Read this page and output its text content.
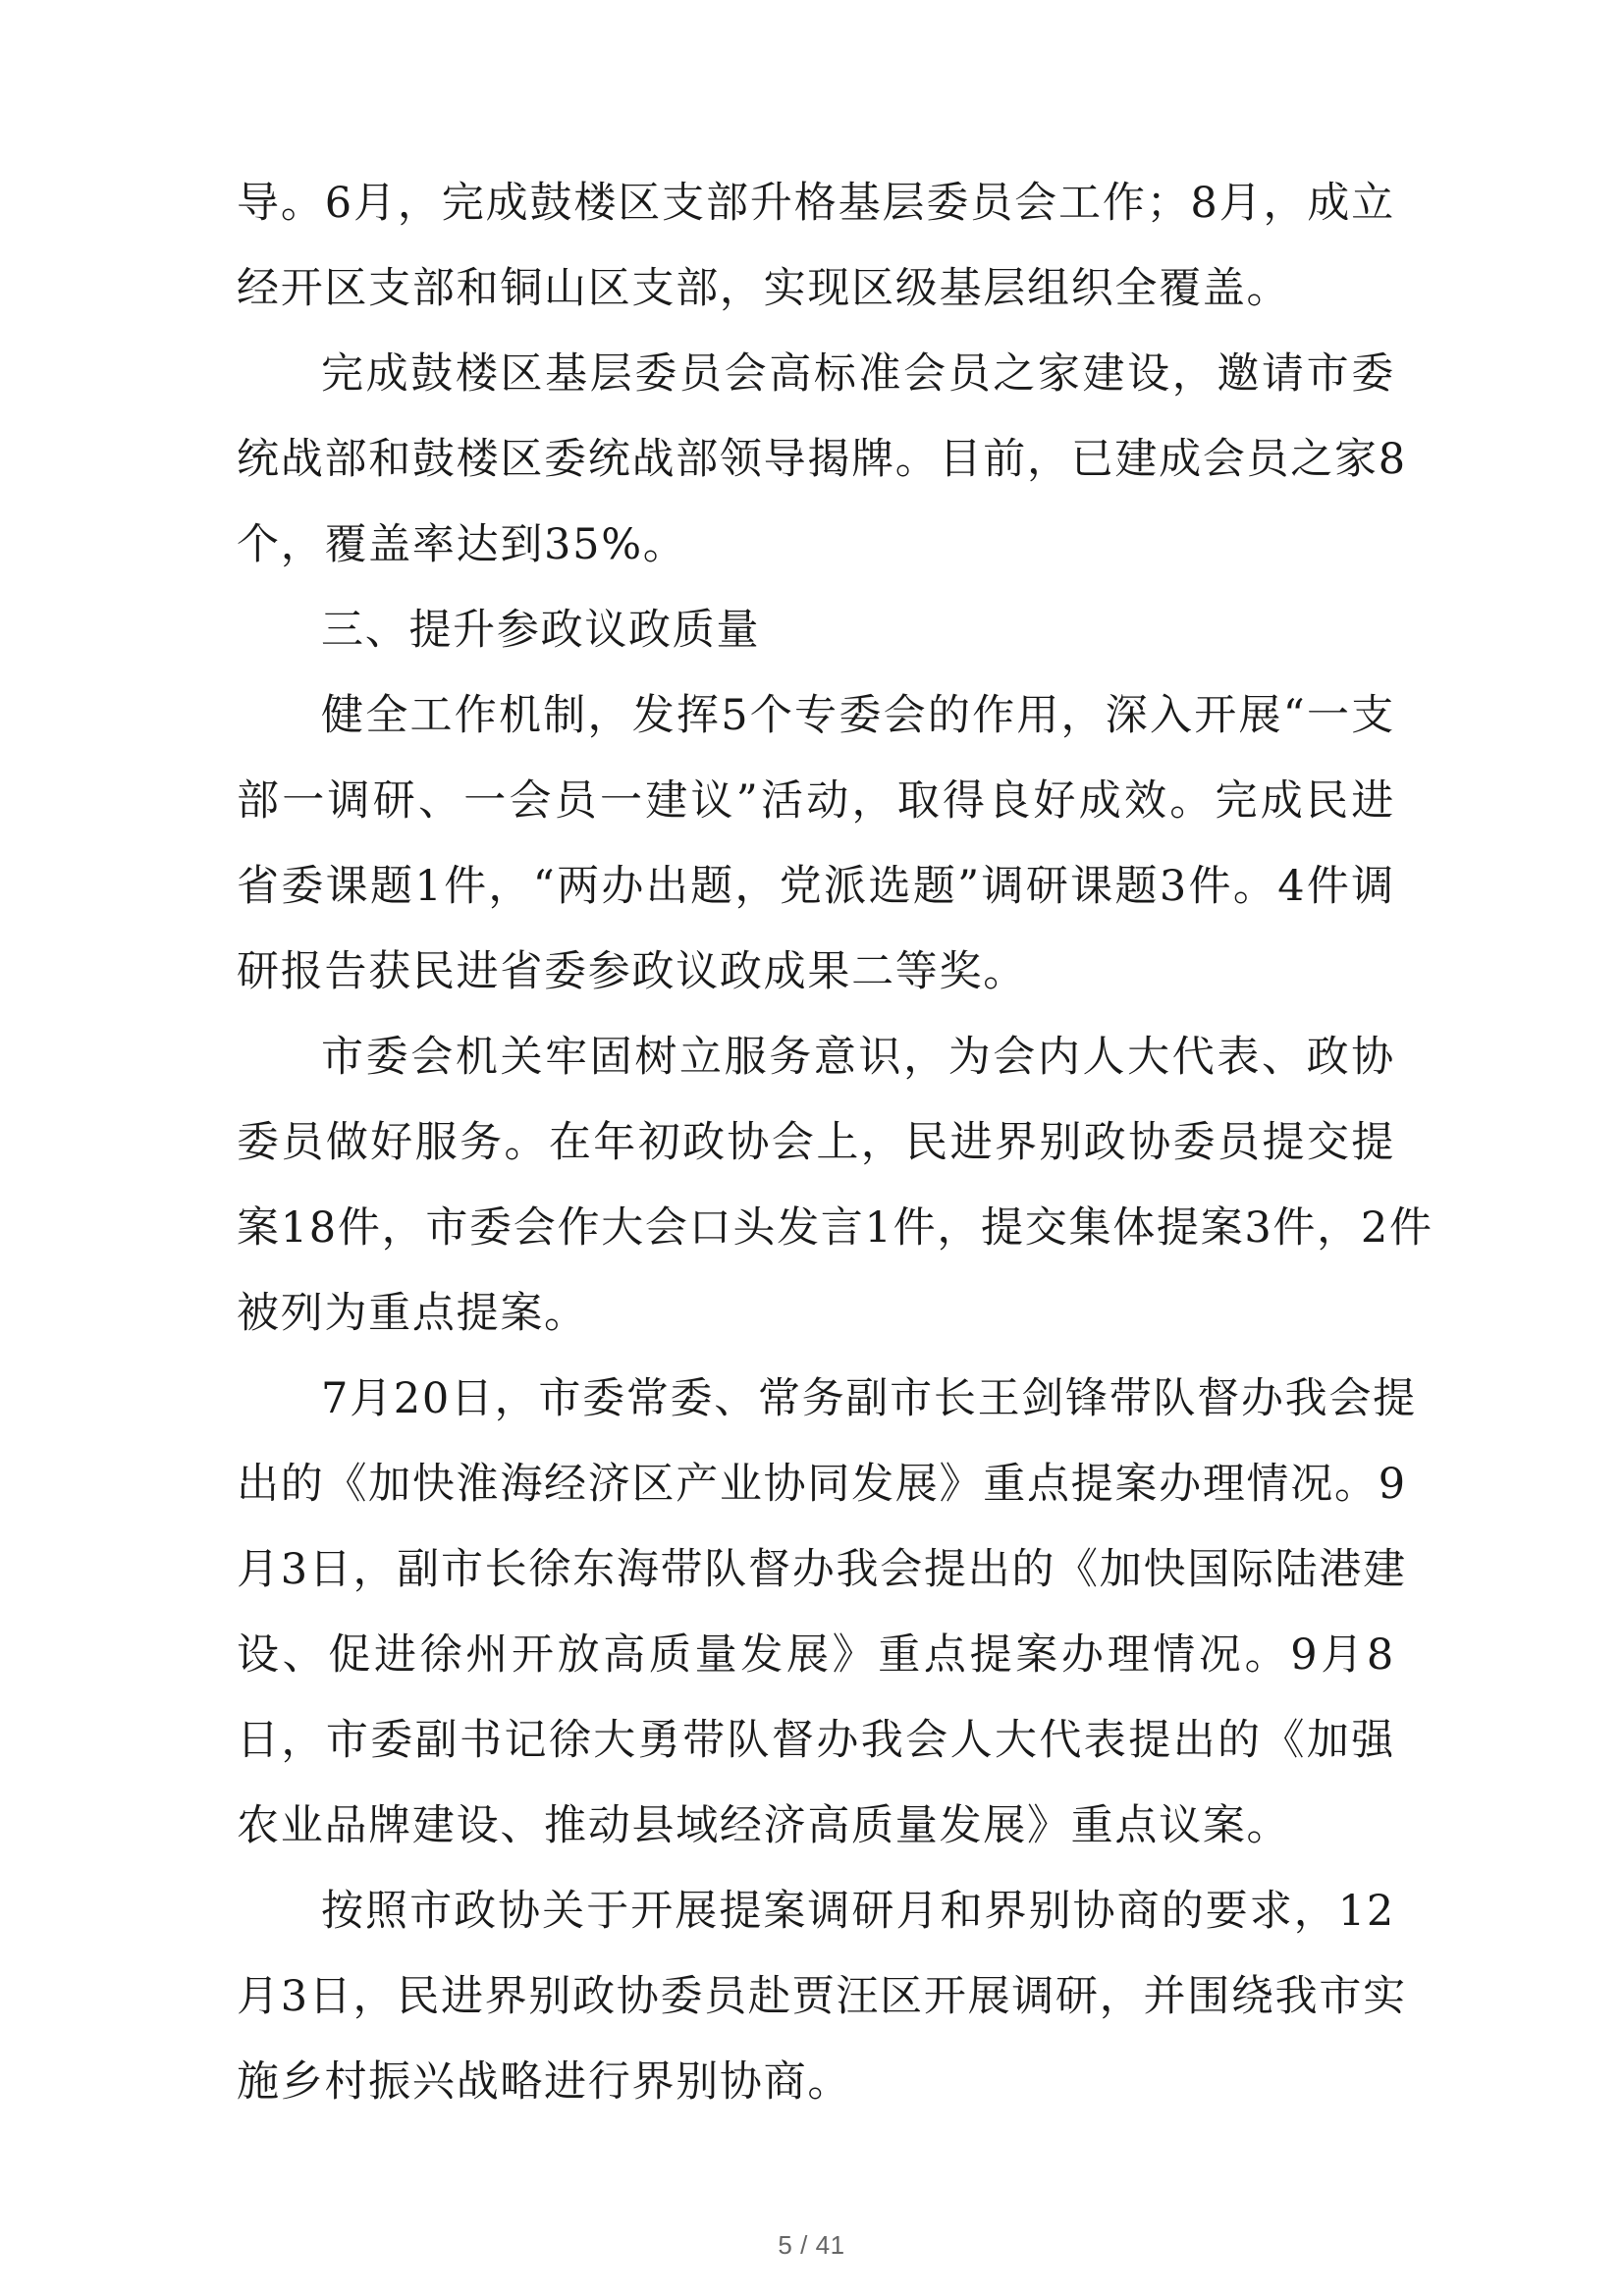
导。6月，完成鼓楼区支部升格基层委员会工作；8月，成立
经开区支部和铜山区支部，实现区级基层组织全覆盖。

完成鼓楼区基层委员会高标准会员之家建设，邀请市委
统战部和鼓楼区委统战部领导揭牌。目前，已建成会员之家8
个，覆盖率达到35%。

三、提升参政议政质量

健全工作机制，发挥5个专委会的作用，深入开展“一支
部一调研、一会员一建议”活动，取得良好成效。完成民进
省委课题1件，“两办出题，党派选题”调研课题3件。4件调
研报告获民进省委参政议政成果二等奖。

市委会机关牢固树立服务意识，为会内人大代表、政协
委员做好服务。在年初政协会上，民进界别政协委员提交提
案18件，市委会作大会口头发言1件，提交集体提案3件，2件
被列为重点提案。

7月20日，市委常委、常务副市长王剑锋带队督办我会提
出的《加快淮海经济区产业协同发展》重点提案办理情况。9
月3日，副市长徐东海带队督办我会提出的《加快国际陆港建
设、促进徐州开放高质量发展》重点提案办理情况。9月8
日，市委副书记徐大勇带队督办我会人大代表提出的《加强
农业品牌建设、推动县域经济高质量发展》重点议案。

按照市政协关于开展提案调研月和界别协商的要求，12
月3日，民进界别政协委员赴贾汪区开展调研，并围绕我市实
施乡村振兴战略进行界别协商。

5 / 41
